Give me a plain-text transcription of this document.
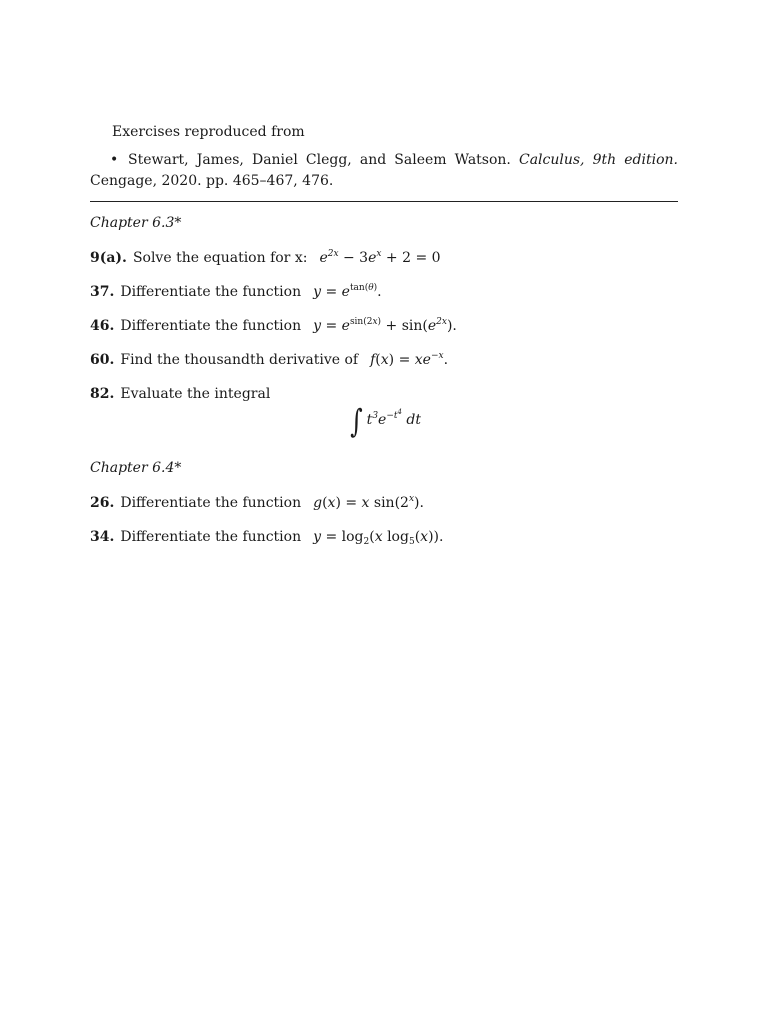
Exercises reproduced from
• Stewart, James, Daniel Clegg, and Saleem Watson. Calculus, 9th edition. Cengage, 2020. pp. 465–467, 476.
Chapter 6.3*
9(a). Solve the equation for x: $e^{2x} - 3e^x + 2 = 0$
37. Differentiate the function $y = e^{tan(\theta)}$.
46. Differentiate the function $y = e^{sin(2x)} + \sin(e^{2x})$.
60. Find the thousandth derivative of $f(x) = xe^{-x}$.
82. Evaluate the integral
∫ $t^3e^{-t^4}$ dt
Chapter 6.4*
26. Differentiate the function g(x) = x sin(2$^x$).
34. Differentiate the function $y = \log_2(x$ $\log_5(x)$).
